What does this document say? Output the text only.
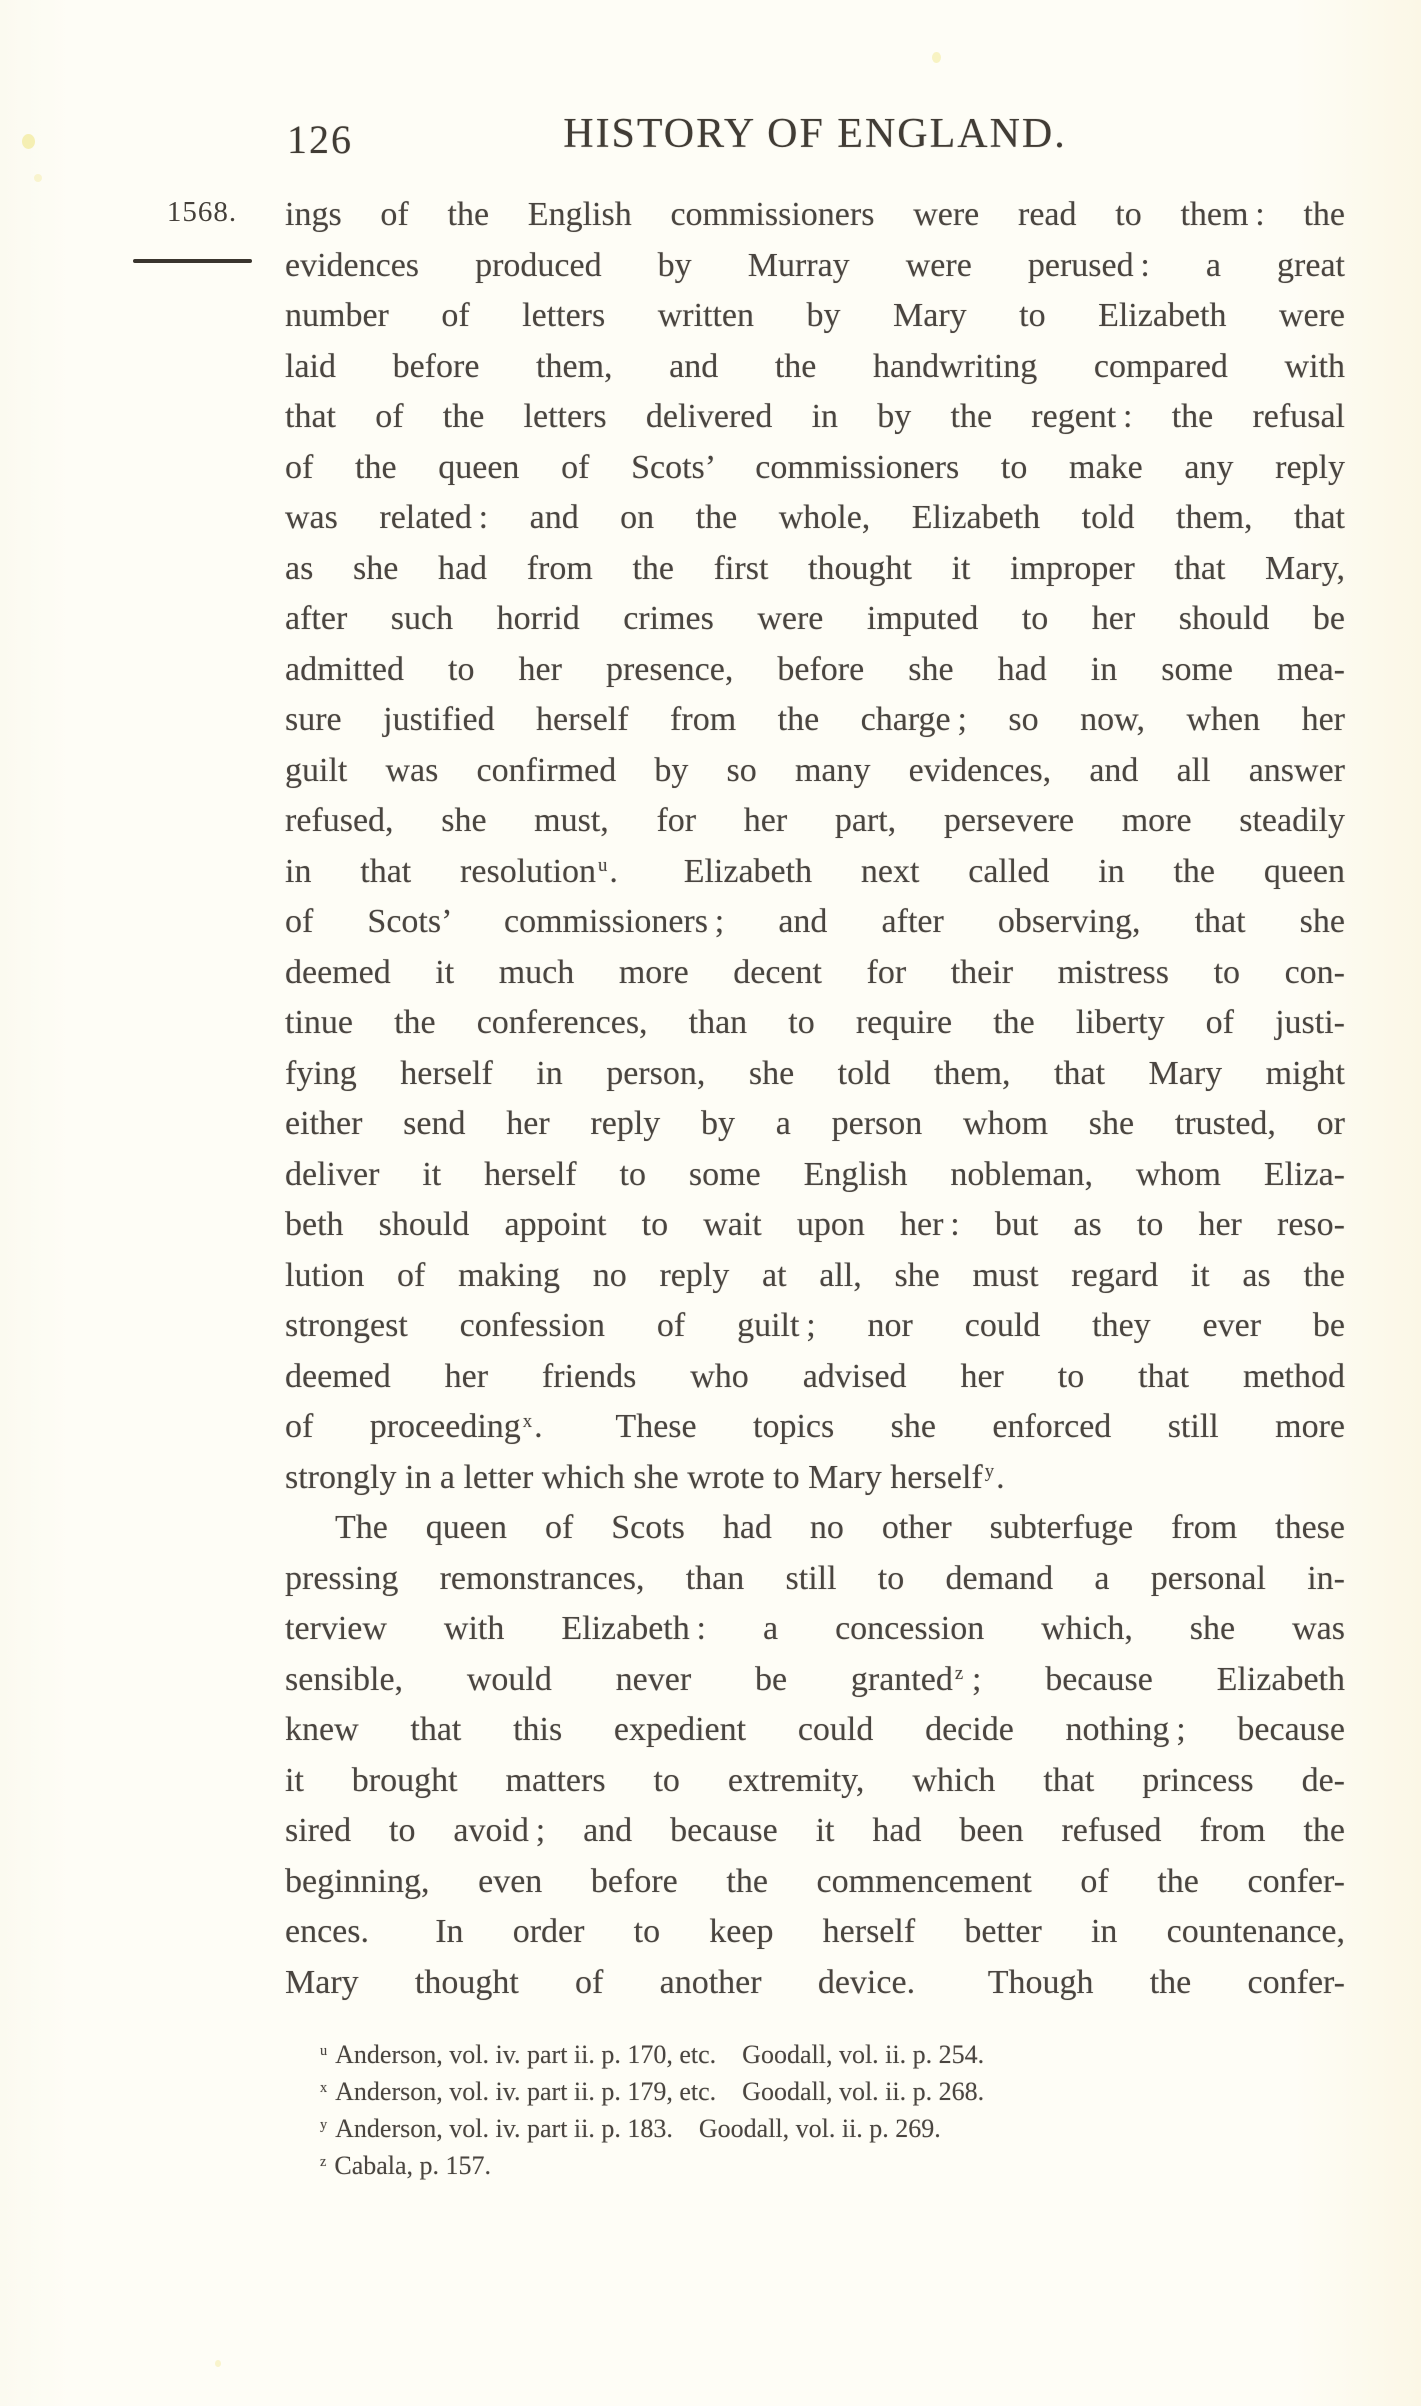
126	HISTORY OF ENGLAND.
1568.	ings of the English commissioners were read to them : the
evidences produced by Murray were perused : a great
number of letters written by Mary to Elizabeth were
laid before them, and the handwriting compared with
that of the letters delivered in by the regent : the refusal
of the queen of Scots’ commissioners to make any reply
was related : and on the whole, Elizabeth told them, that
as she had from the first thought it improper that Mary,
after such horrid crimes were imputed to her should be
admitted to her presence, before she had in some mea-
sure justified herself from the charge ; so now, when her
guilt was confirmed by so many evidences, and all answer
refused, she must, for her part, persevere more steadily
in that resolution $^u$.  Elizabeth next called in the queen
of Scots’ commissioners ; and after observing, that she
deemed it much more decent for their mistress to con-
tinue the conferences, than to require the liberty of justi-
fying herself in person, she told them, that Mary might
either send her reply by a person whom she trusted, or
deliver it herself to some English nobleman, whom Eliza-
beth should appoint to wait upon her : but as to her reso-
lution of making no reply at all, she must regard it as the
strongest confession of guilt ; nor could they ever be
deemed her friends who advised her to that method
of proceeding $^x$.  These topics she enforced still more
strongly in a letter which she wrote to Mary herself $^y$.
The queen of Scots had no other subterfuge from these
pressing remonstrances, than still to demand a personal in-
terview with Elizabeth : a concession which, she was
sensible, would never be granted $^z$ ; because Elizabeth
knew that this expedient could decide nothing ; because
it brought matters to extremity, which that princess de-
sired to avoid ; and because it had been refused from the
beginning, even before the commencement of the confer-
ences.  In order to keep herself better in countenance,
Mary thought of another device.  Though the confer-
$^u$ Anderson, vol. iv. part ii. p. 170, etc.  Goodall, vol. ii. p. 254.
$^x$ Anderson, vol. iv. part ii. p. 179, etc.  Goodall, vol. ii. p. 268.
$^y$ Anderson, vol. iv. part ii. p. 183.  Goodall, vol. ii. p. 269.
$^z$ Cabala, p. 157.
